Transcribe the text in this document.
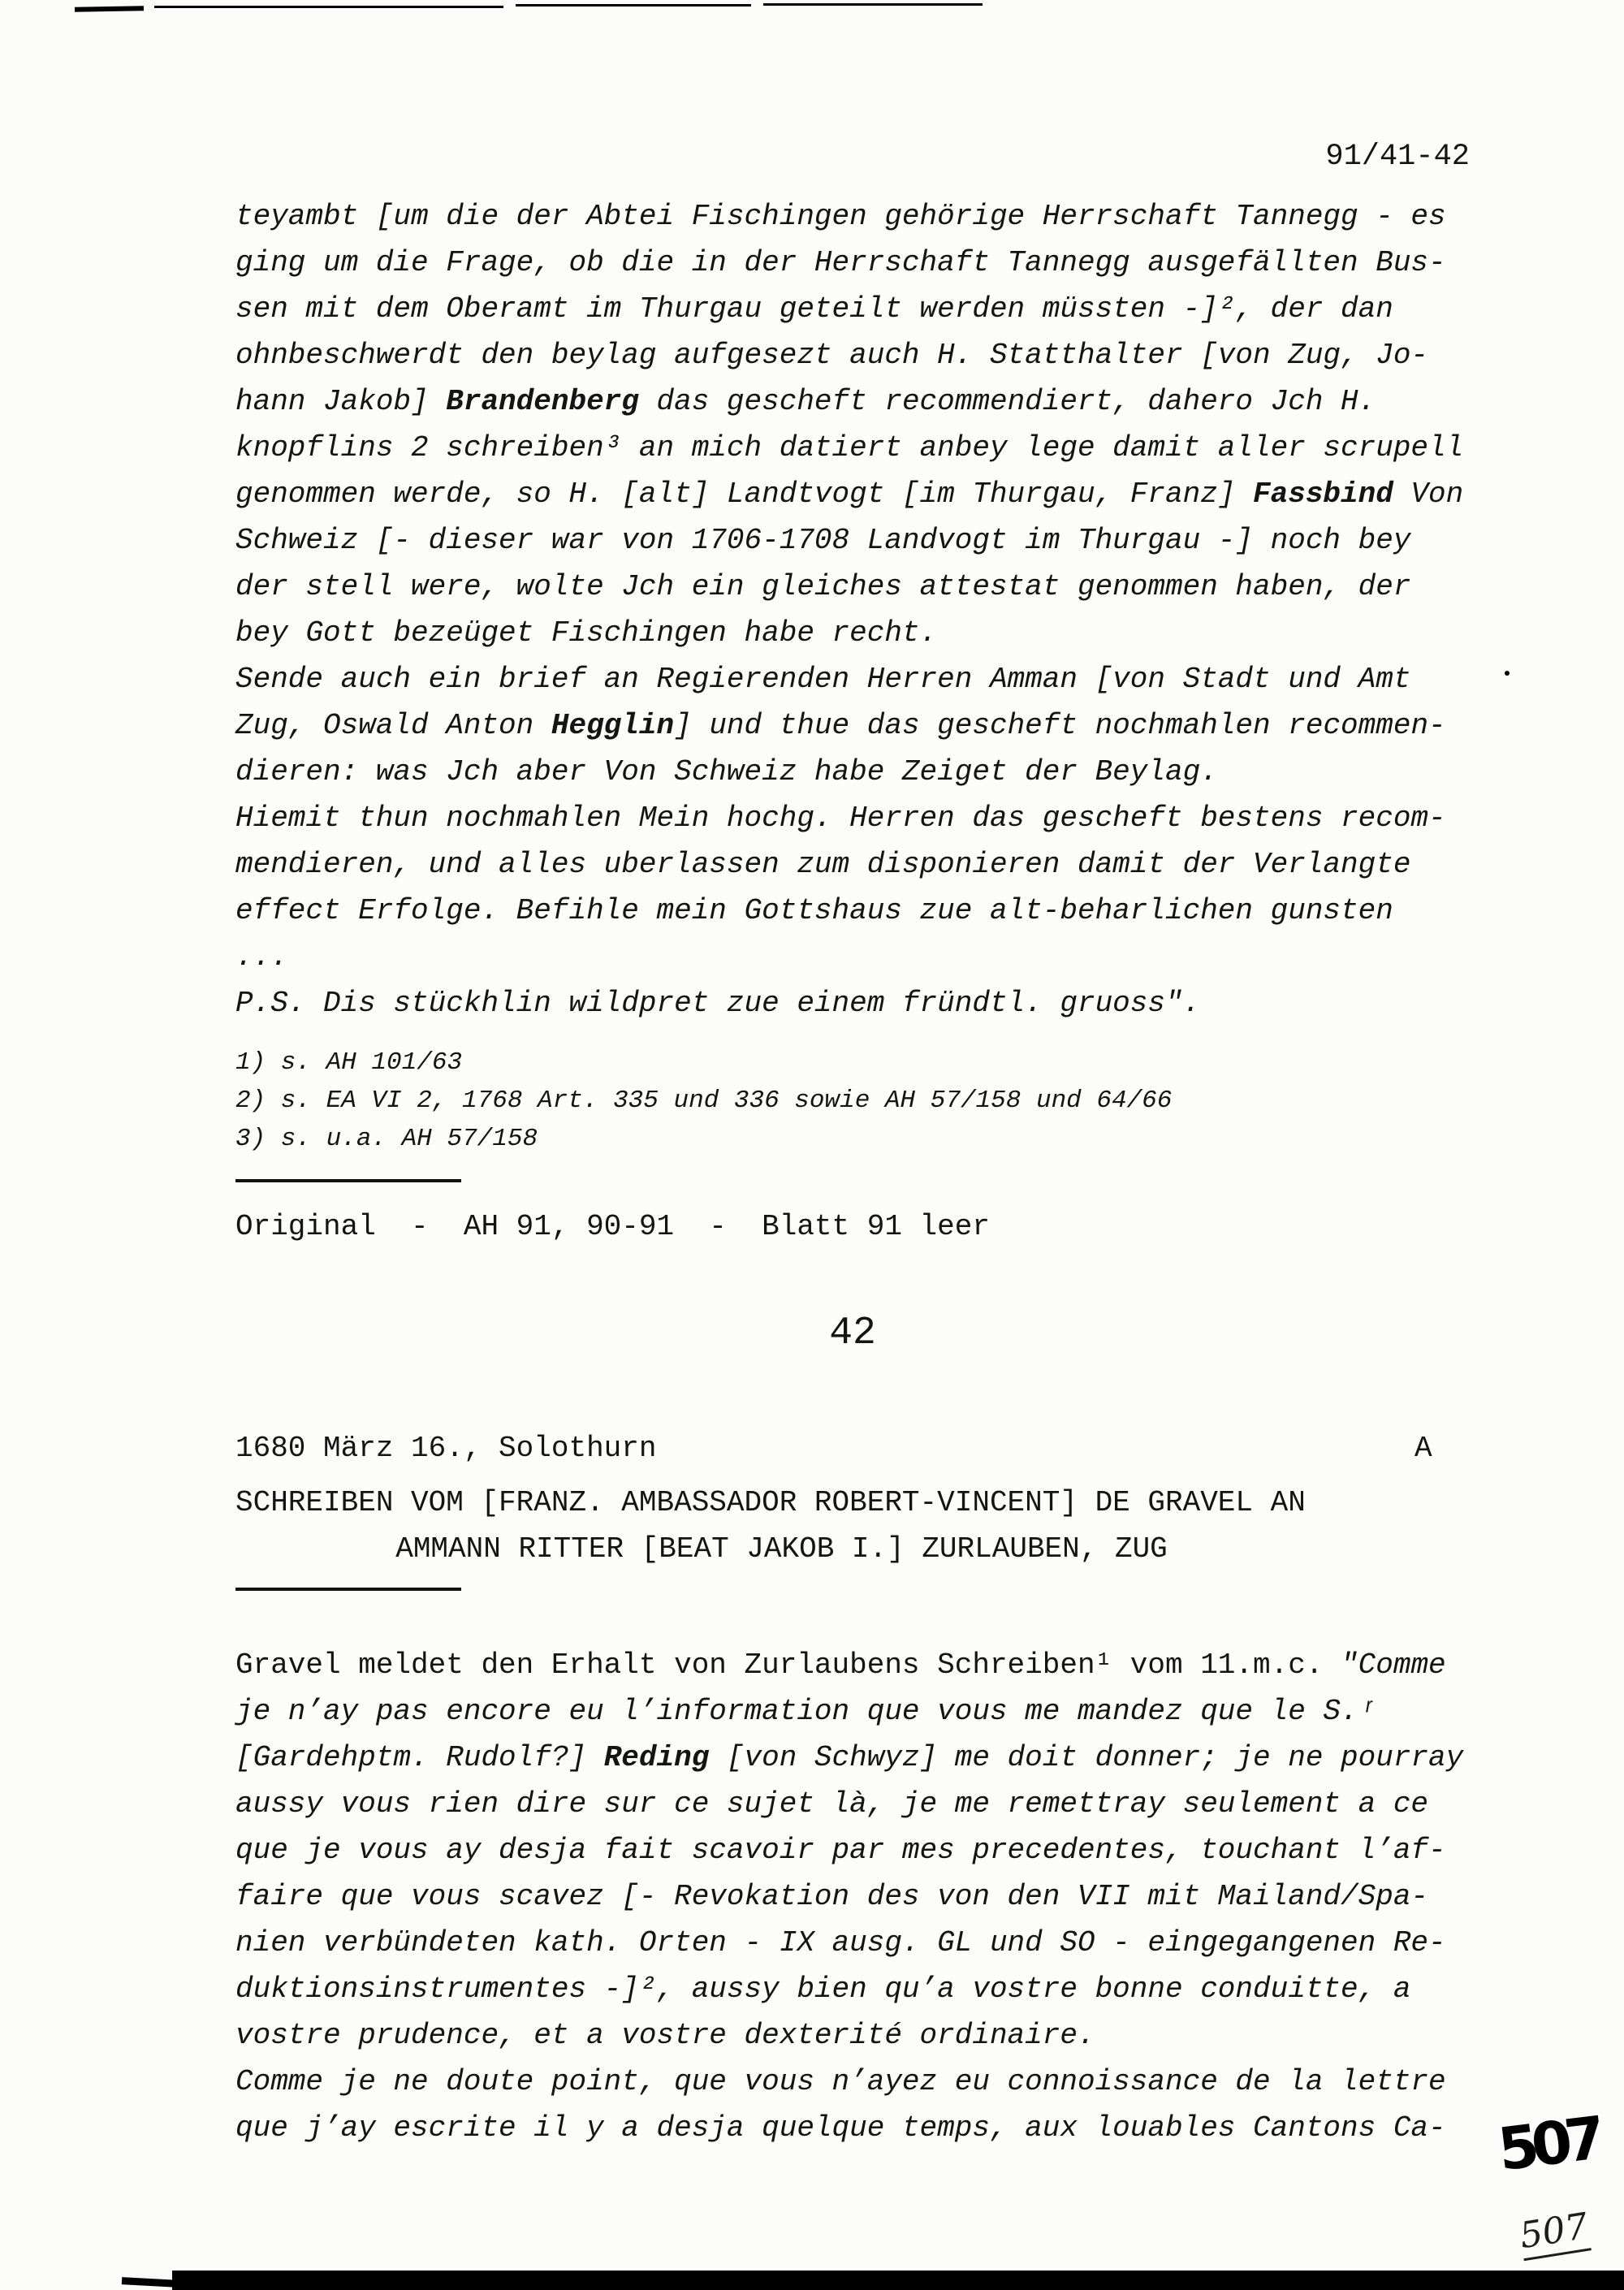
91/41-42
teyambt [um die der Abtei Fischingen gehörige Herrschaft Tannegg - es
ging um die Frage, ob die in der Herrschaft Tannegg ausgefällten Bus-
sen mit dem Oberamt im Thurgau geteilt werden müssten -]², der dan
ohnbeschwerdt den beylag aufgesezt auch H. Statthalter [von Zug, Jo-
hann Jakob] Brandenberg das gescheft recommendiert, dahero Jch H.
knopflins 2 schreiben³ an mich datiert anbey lege damit aller scrupell
genommen werde, so H. [alt] Landtvogt [im Thurgau, Franz] Fassbind Von
Schweiz [- dieser war von 1706-1708 Landvogt im Thurgau -] noch bey
der stell were, wolte Jch ein gleiches attestat genommen haben, der
bey Gott bezeüget Fischingen habe recht.
Sende auch ein brief an Regierenden Herren Amman [von Stadt und Amt
Zug, Oswald Anton Hegglin] und thue das gescheft nochmahlen recommen-
dieren: was Jch aber Von Schweiz habe Zeiget der Beylag.
Hiemit thun nochmahlen Mein hochg. Herren das gescheft bestens recom-
mendieren, und alles uberlassen zum disponieren damit der Verlangte
effect Erfolge. Befihle mein Gottshaus zue alt-beharlichen gunsten
...
P.S. Dis stückhlin wildpret zue einem fründtl. gruoss".
1) s. AH 101/63
2) s. EA VI 2, 1768 Art. 335 und 336 sowie AH 57/158 und 64/66
3) s. u.a. AH 57/158
Original  -  AH 91, 90-91  -  Blatt 91 leer
42
1680 März 16., Solothurn	A
SCHREIBEN VOM [FRANZ. AMBASSADOR ROBERT-VINCENT] DE GRAVEL AN
AMMANN RITTER [BEAT JAKOB I.] ZURLAUBEN, ZUG
Gravel meldet den Erhalt von Zurlaubens Schreiben¹ vom 11.m.c. "Comme
je n’ay pas encore eu l’information que vous me mandez que le S.ʳ
[Gardehptm. Rudolf?] Reding [von Schwyz] me doit donner; je ne pourray
aussy vous rien dire sur ce sujet là, je me remettray seulement a ce
que je vous ay desja fait scavoir par mes precedentes, touchant l’af-
faire que vous scavez [- Revokation des von den VII mit Mailand/Spa-
nien verbündeten kath. Orten - IX ausg. GL und SO - eingegangenen Re-
duktionsinstrumentes -]², aussy bien qu’a vostre bonne conduitte, a
vostre prudence, et a vostre dexterité ordinaire.
Comme je ne doute point, que vous n’ayez eu connoissance de la lettre
que j’ay escrite il y a desja quelque temps, aux louables Cantons Ca- 507
507
